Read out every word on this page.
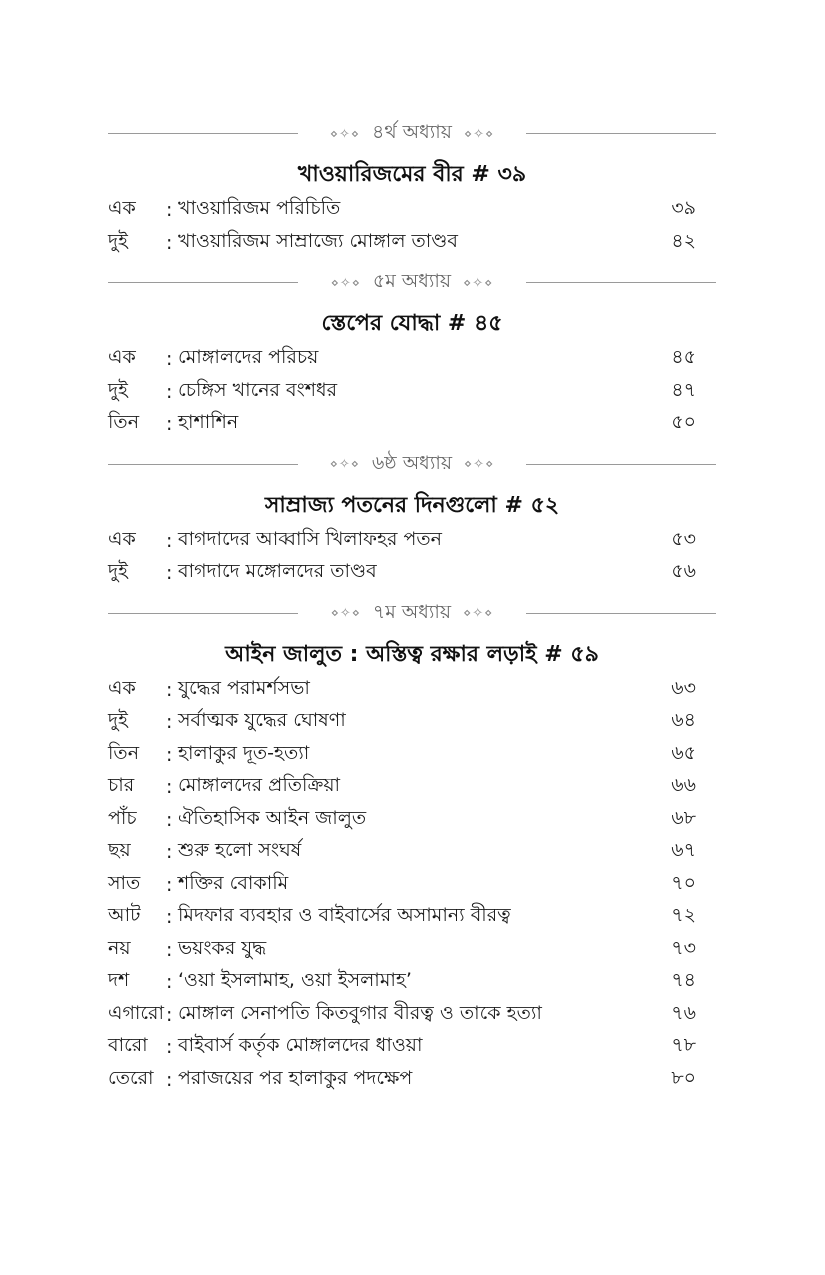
⋄✧⋄ ৪র্থ অধ্যায় ⋄✧⋄
খাওয়ারিজমের বীর # ৩৯
এক	: খাওয়ারিজম পরিচিতি	৩৯
দুই	: খাওয়ারিজম সাম্রাজ্যে মোঙ্গাল তাণ্ডব	৪২
⋄✧⋄ ৫ম অধ্যায় ⋄✧⋄
স্তেপের যোদ্ধা # ৪৫
এক	: মোঙ্গালদের পরিচয়	৪৫
দুই	: চেঙ্গিস খানের বংশধর	৪৭
তিন	: হাশাশিন	৫০
⋄✧⋄ ৬ষ্ঠ অধ্যায় ⋄✧⋄
সাম্রাজ্য পতনের দিনগুলো # ৫২
এক	: বাগদাদের আব্বাসি খিলাফহর পতন	৫৩
দুই	: বাগদাদে মঙ্গোলদের তাণ্ডব	৫৬
⋄✧⋄ ৭ম অধ্যায় ⋄✧⋄
আইন জালুত : অস্তিত্ব রক্ষার লড়াই # ৫৯
এক	: যুদ্ধের পরামর্শসভা	৬৩
দুই	: সর্বাত্মক যুদ্ধের ঘোষণা	৬৪
তিন	: হালাকুর দূত-হত্যা	৬৫
চার	: মোঙ্গালদের প্রতিক্রিয়া	৬৬
পাঁচ	: ঐতিহাসিক আইন জালুত	৬৮
ছয়	: শুরু হলো সংঘর্ষ	৬৭
সাত	: শক্তির বোকামি	৭০
আট	: মিদফার ব্যবহার ও বাইবার্সের অসামান্য বীরত্ব	৭২
নয়	: ভয়ংকর যুদ্ধ	৭৩
দশ	: ‘ওয়া ইসলামাহ, ওয়া ইসলামাহ’	৭৪
এগারো : মোঙ্গাল সেনাপতি কিতবুগার বীরত্ব ও তাকে হত্যা	৭৬
বারো : বাইবার্স কর্তৃক মোঙ্গালদের ধাওয়া	৭৮
তেরো : পরাজয়ের পর হালাকুর পদক্ষেপ	৮০
